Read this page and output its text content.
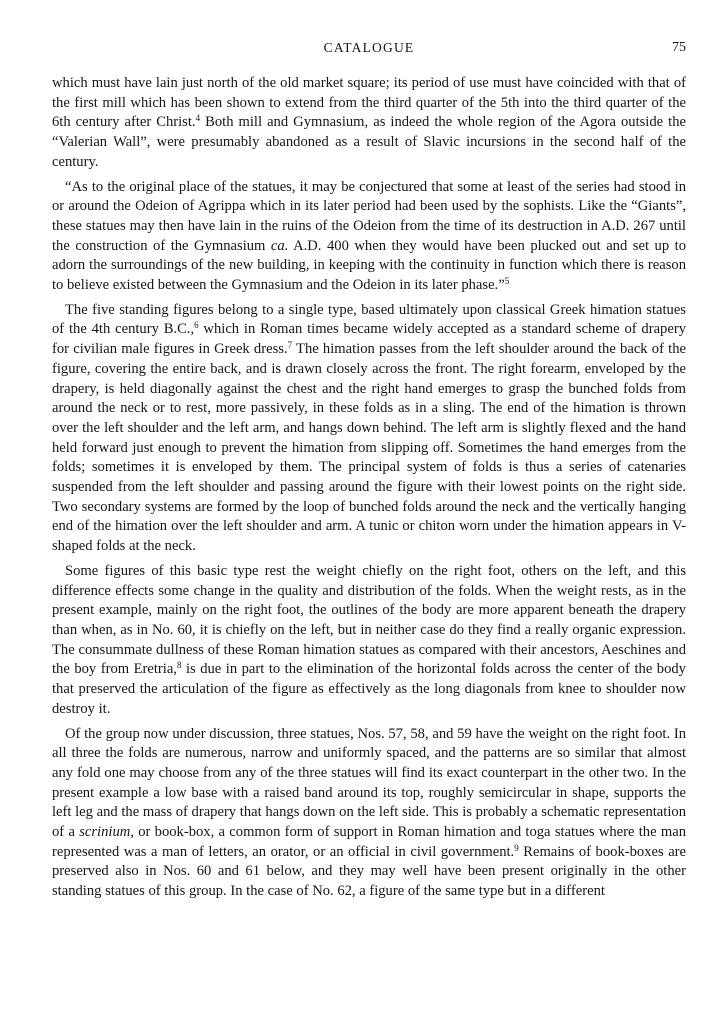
CATALOGUE	75

which must have lain just north of the old market square; its period of use must have coincided with that of the first mill which has been shown to extend from the third quarter of the 5th into the third quarter of the 6th century after Christ.$^4$ Both mill and Gymnasium, as indeed the whole region of the Agora outside the “Valerian Wall”, were presumably abandoned as a result of Slavic incursions in the second half of the century.

“As to the original place of the statues, it may be conjectured that some at least of the series had stood in or around the Odeion of Agrippa which in its later period had been used by the sophists. Like the “Giants”, these statues may then have lain in the ruins of the Odeion from the time of its destruction in A.D. 267 until the construction of the Gymnasium ca. A.D. 400 when they would have been plucked out and set up to adorn the surroundings of the new building, in keeping with the continuity in function which there is reason to believe existed between the Gymnasium and the Odeion in its later phase.”$^5$

The five standing figures belong to a single type, based ultimately upon classical Greek himation statues of the 4th century B.C.,$^6$ which in Roman times became widely accepted as a standard scheme of drapery for civilian male figures in Greek dress.$^7$ The himation passes from the left shoulder around the back of the figure, covering the entire back, and is drawn closely across the front. The right forearm, enveloped by the drapery, is held diagonally against the chest and the right hand emerges to grasp the bunched folds from around the neck or to rest, more passively, in these folds as in a sling. The end of the himation is thrown over the left shoulder and the left arm, and hangs down behind. The left arm is slightly flexed and the hand held forward just enough to prevent the himation from slipping off. Sometimes the hand emerges from the folds; sometimes it is enveloped by them. The principal system of folds is thus a series of catenaries suspended from the left shoulder and passing around the figure with their lowest points on the right side. Two secondary systems are formed by the loop of bunched folds around the neck and the vertically hanging end of the himation over the left shoulder and arm. A tunic or chiton worn under the himation appears in V-shaped folds at the neck.

Some figures of this basic type rest the weight chiefly on the right foot, others on the left, and this difference effects some change in the quality and distribution of the folds. When the weight rests, as in the present example, mainly on the right foot, the outlines of the body are more apparent beneath the drapery than when, as in No. 60, it is chiefly on the left, but in neither case do they find a really organic expression. The consummate dullness of these Roman himation statues as compared with their ancestors, Aeschines and the boy from Eretria,$^8$ is due in part to the elimination of the horizontal folds across the center of the body that preserved the articulation of the figure as effectively as the long diagonals from knee to shoulder now destroy it.

Of the group now under discussion, three statues, Nos. 57, 58, and 59 have the weight on the right foot. In all three the folds are numerous, narrow and uniformly spaced, and the patterns are so similar that almost any fold one may choose from any of the three statues will find its exact counterpart in the other two. In the present example a low base with a raised band around its top, roughly semicircular in shape, supports the left leg and the mass of drapery that hangs down on the left side. This is probably a schematic representation of a scrinium, or book-box, a common form of support in Roman himation and toga statues where the man represented was a man of letters, an orator, or an official in civil government.$^9$ Remains of book-boxes are preserved also in Nos. 60 and 61 below, and they may well have been present originally in the other standing statues of this group. In the case of No. 62, a figure of the same type but in a different
